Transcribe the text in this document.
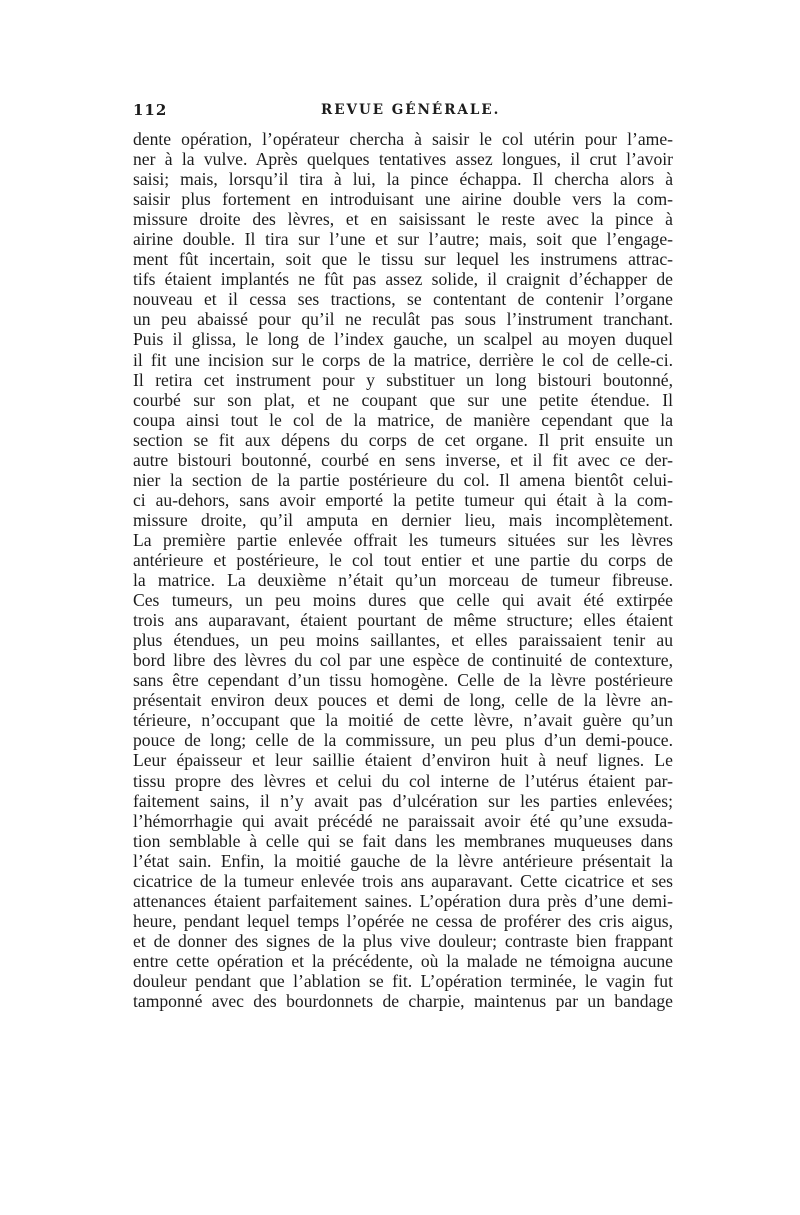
112	REVUE GÉNÉRALE.
dente opération, l’opérateur chercha à saisir le col utérin pour l’ame-
ner à la vulve. Après quelques tentatives assez longues, il crut l’avoir
saisi; mais, lorsqu’il tira à lui, la pince échappa. Il chercha alors à
saisir plus fortement en introduisant une airine double vers la com-
missure droite des lèvres, et en saisissant le reste avec la pince à
airine double. Il tira sur l’une et sur l’autre; mais, soit que l’engage-
ment fût incertain, soit que le tissu sur lequel les instrumens attrac-
tifs étaient implantés ne fût pas assez solide, il craignit d’échapper de
nouveau et il cessa ses tractions, se contentant de contenir l’organe
un peu abaissé pour qu’il ne reculât pas sous l’instrument tranchant.
Puis il glissa, le long de l’index gauche, un scalpel au moyen duquel
il fit une incision sur le corps de la matrice, derrière le col de celle-ci.
Il retira cet instrument pour y substituer un long bistouri boutonné,
courbé sur son plat, et ne coupant que sur une petite étendue. Il
coupa ainsi tout le col de la matrice, de manière cependant que la
section se fit aux dépens du corps de cet organe. Il prit ensuite un
autre bistouri boutonné, courbé en sens inverse, et il fit avec ce der-
nier la section de la partie postérieure du col. Il amena bientôt celui-
ci au-dehors, sans avoir emporté la petite tumeur qui était à la com-
missure droite, qu’il amputa en dernier lieu, mais incomplètement.
La première partie enlevée offrait les tumeurs situées sur les lèvres
antérieure et postérieure, le col tout entier et une partie du corps de
la matrice. La deuxième n’était qu’un morceau de tumeur fibreuse.
Ces tumeurs, un peu moins dures que celle qui avait été extirpée
trois ans auparavant, étaient pourtant de même structure; elles étaient
plus étendues, un peu moins saillantes, et elles paraissaient tenir au
bord libre des lèvres du col par une espèce de continuité de contexture,
sans être cependant d’un tissu homogène. Celle de la lèvre postérieure
présentait environ deux pouces et demi de long, celle de la lèvre an-
térieure, n’occupant que la moitié de cette lèvre, n’avait guère qu’un
pouce de long; celle de la commissure, un peu plus d’un demi-pouce.
Leur épaisseur et leur saillie étaient d’environ huit à neuf lignes. Le
tissu propre des lèvres et celui du col interne de l’utérus étaient par-
faitement sains, il n’y avait pas d’ulcération sur les parties enlevées;
l’hémorrhagie qui avait précédé ne paraissait avoir été qu’une exsuda-
tion semblable à celle qui se fait dans les membranes muqueuses dans
l’état sain. Enfin, la moitié gauche de la lèvre antérieure présentait la
cicatrice de la tumeur enlevée trois ans auparavant. Cette cicatrice et ses
attenances étaient parfaitement saines. L’opération dura près d’une demi-
heure, pendant lequel temps l’opérée ne cessa de proférer des cris aigus,
et de donner des signes de la plus vive douleur; contraste bien frappant
entre cette opération et la précédente, où la malade ne témoigna aucune
douleur pendant que l’ablation se fit. L’opération terminée, le vagin fut
tamponné avec des bourdonnets de charpie, maintenus par un bandage
